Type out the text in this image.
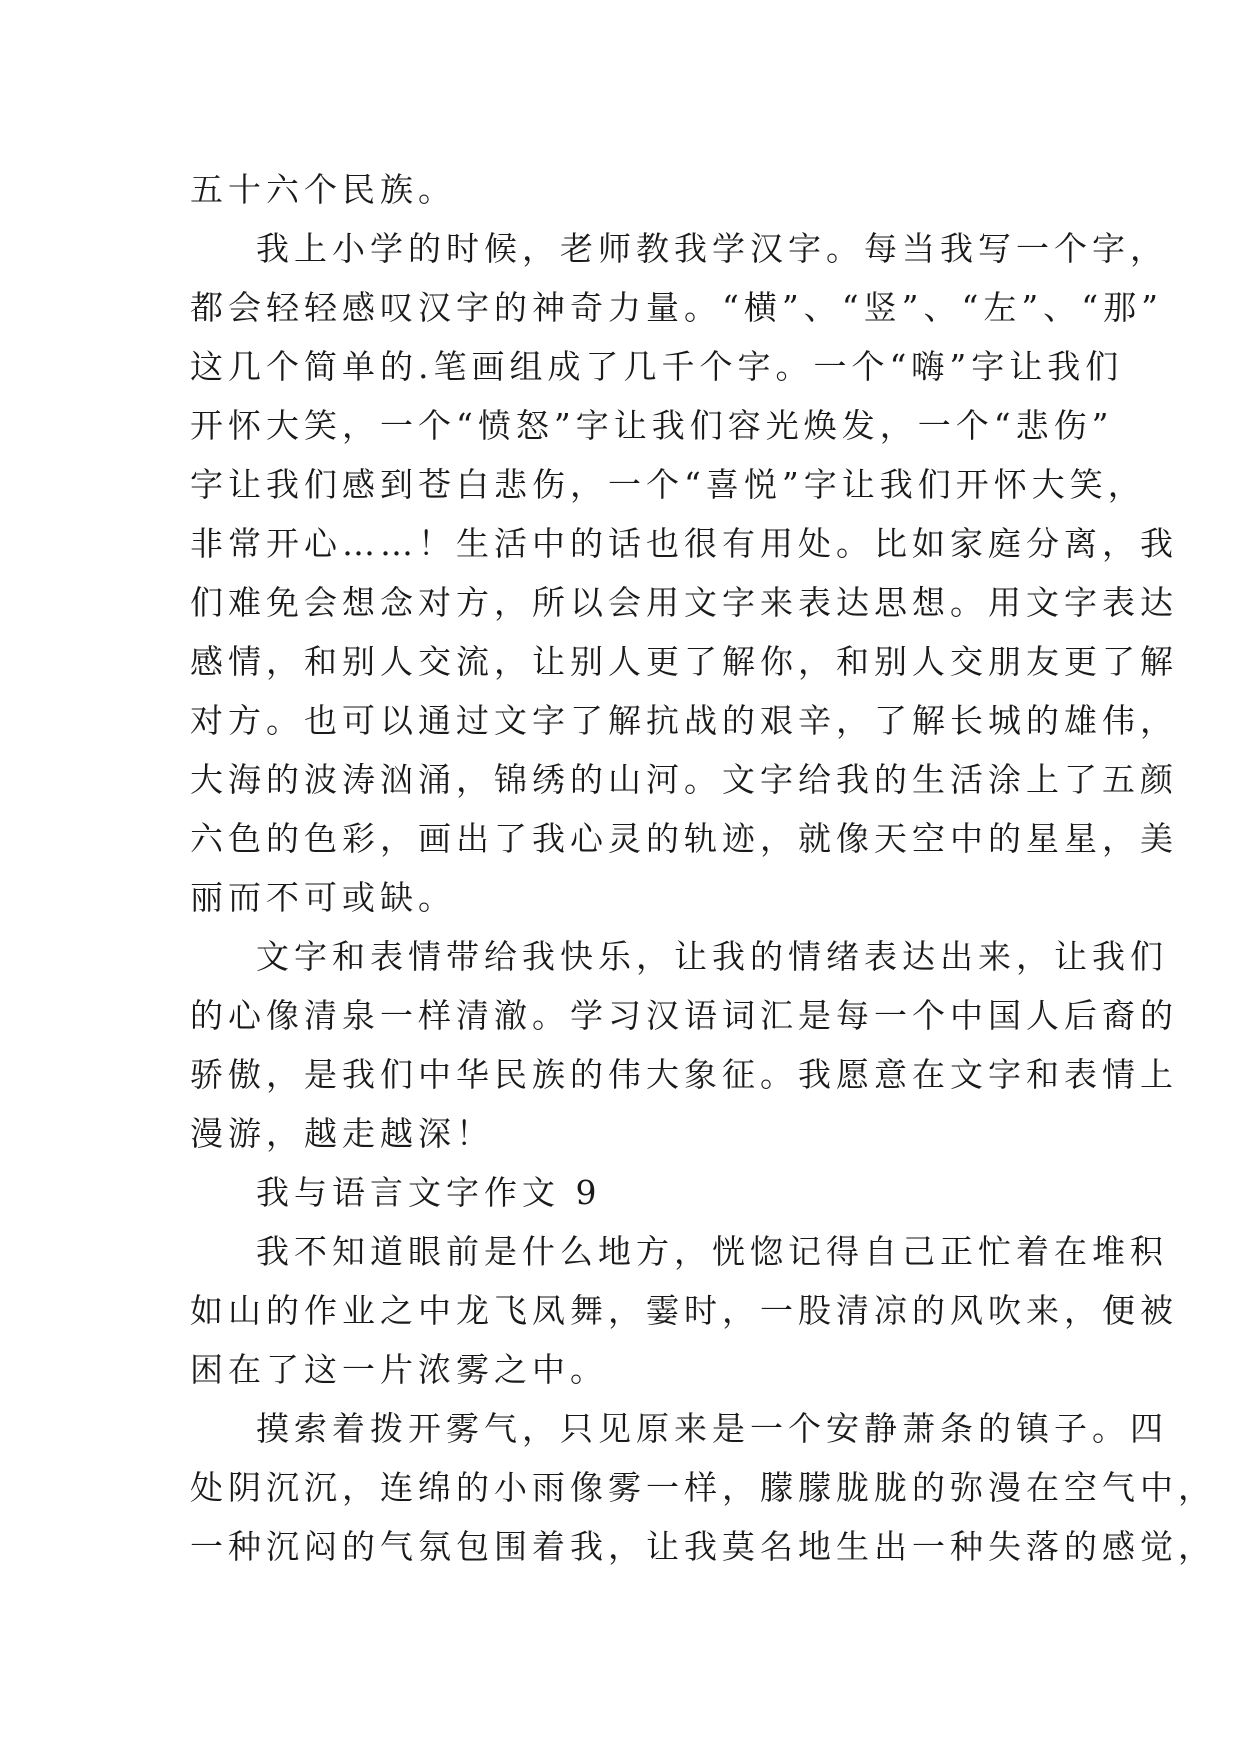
五十六个民族。
我上小学的时候，老师教我学汉字。每当我写一个字，
都会轻轻感叹汉字的神奇力量。“横”、“竖”、“左”、“那”
这几个简单的.笔画组成了几千个字。一个“嗨”字让我们
开怀大笑，一个“愤怒”字让我们容光焕发，一个“悲伤”
字让我们感到苍白悲伤，一个“喜悦”字让我们开怀大笑，
非常开心……！生活中的话也很有用处。比如家庭分离，我
们难免会想念对方，所以会用文字来表达思想。用文字表达
感情，和别人交流，让别人更了解你，和别人交朋友更了解
对方。也可以通过文字了解抗战的艰辛，了解长城的雄伟，
大海的波涛汹涌，锦绣的山河。文字给我的生活涂上了五颜
六色的色彩，画出了我心灵的轨迹，就像天空中的星星，美
丽而不可或缺。
文字和表情带给我快乐，让我的情绪表达出来，让我们
的心像清泉一样清澈。学习汉语词汇是每一个中国人后裔的
骄傲，是我们中华民族的伟大象征。我愿意在文字和表情上
漫游，越走越深！
我与语言文字作文 9
我不知道眼前是什么地方，恍惚记得自己正忙着在堆积
如山的作业之中龙飞凤舞，霎时，一股清凉的风吹来，便被
困在了这一片浓雾之中。
摸索着拨开雾气，只见原来是一个安静萧条的镇子。四
处阴沉沉，连绵的小雨像雾一样，朦朦胧胧的弥漫在空气中，
一种沉闷的气氛包围着我，让我莫名地生出一种失落的感觉，
